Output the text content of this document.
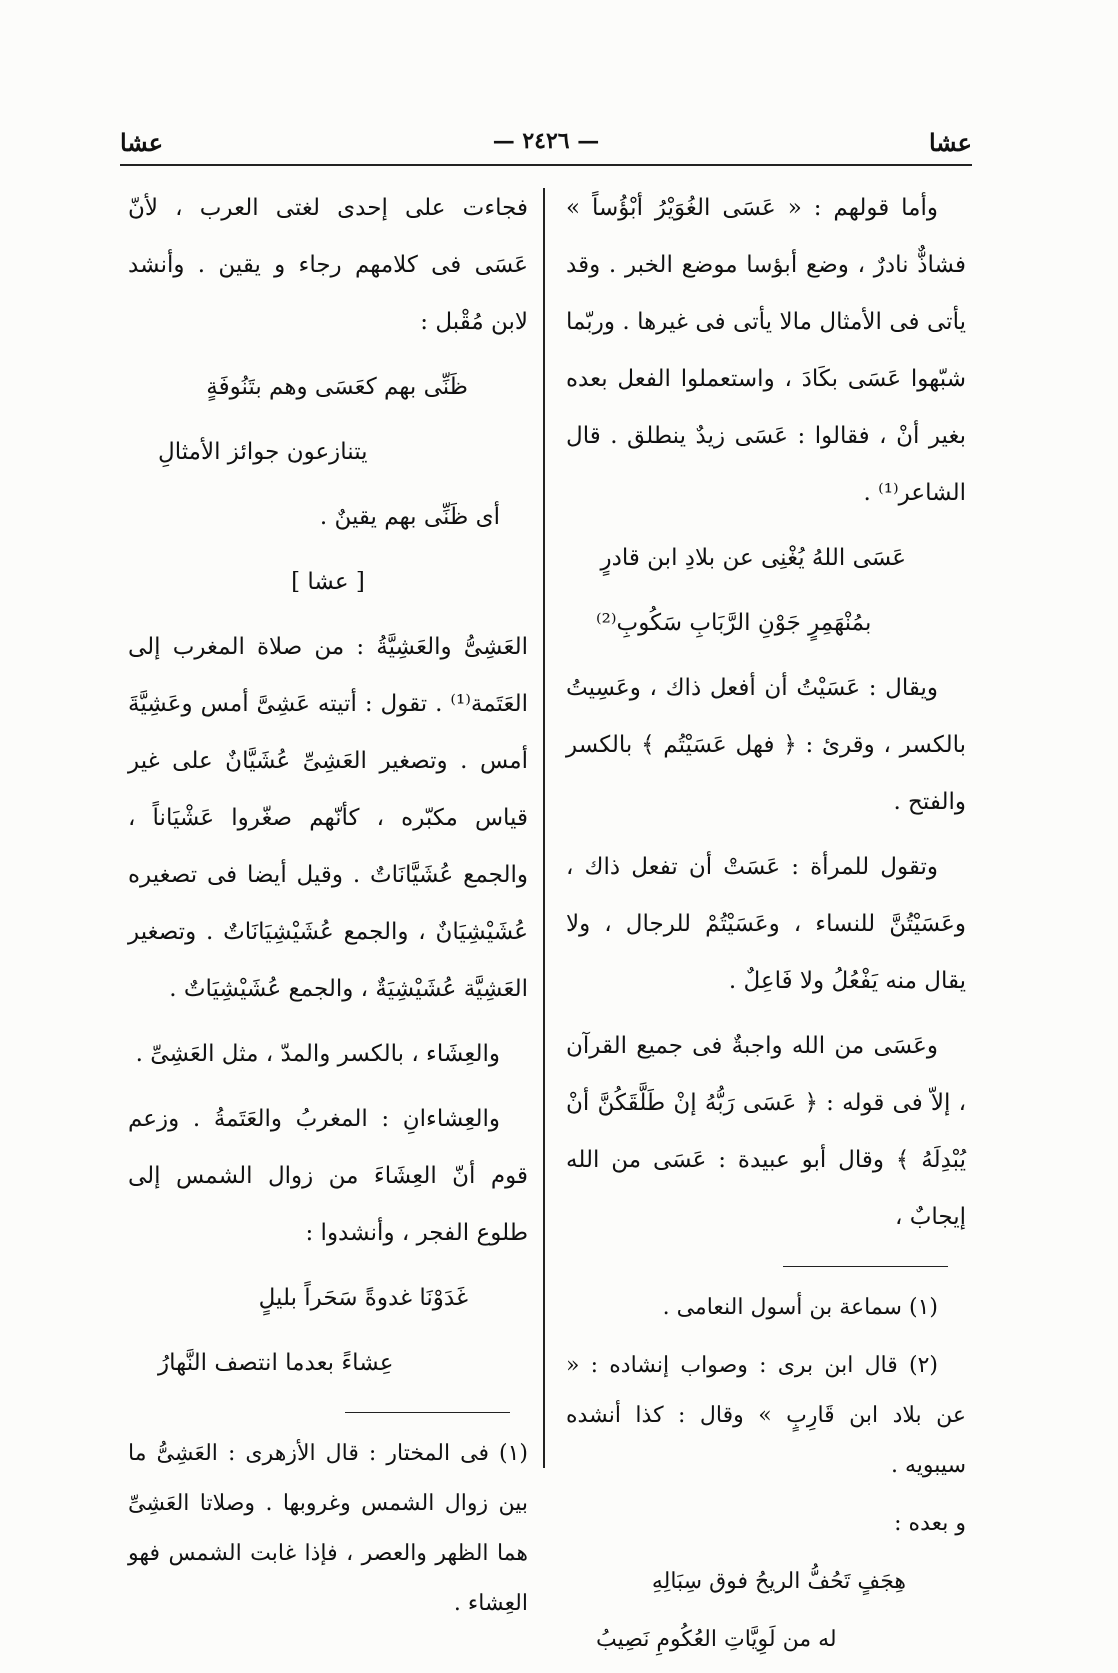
عشا
— ٢٤٢٦ —
عشا

وأما قولهم : « عَسَى الغُوَيْرُ أبْؤُساً » فشاذٌّ نادرٌ ، وضع أبؤسا موضع الخبر . وقد يأتى فى الأمثال مالا يأتى فى غيرها . وربّما شبّهوا عَسَى بكَادَ ، واستعملوا الفعل بعده بغير أنْ ، فقالوا : عَسَى زيدٌ ينطلق . قال الشاعر⁽¹⁾ .

عَسَى اللهُ يُغْنِى عن بلادِ ابن قادرٍ

بمُنْهَمِرٍ جَوْنِ الرَّبَابِ سَكُوبِ⁽²⁾

ويقال : عَسَيْتُ أن أفعل ذاك ، وعَسِيتُ بالكسر ، وقرئ : ﴿ فهل عَسَيْتُم ﴾ بالكسر والفتح .

وتقول للمرأة : عَسَتْ أن تفعل ذاك ، وعَسَيْتُنَّ للنساء ، وعَسَيْتُمْ للرجال ، ولا يقال منه يَفْعُلُ ولا فَاعِلٌ .

وعَسَى من الله واجبةٌ فى جميع القرآن ، إلاّ فى قوله : ﴿ عَسَى رَبُّهُ إنْ طَلَّقَكُنَّ أنْ يُبْدِلَهُ ﴾ وقال أبو عبيدة : عَسَى من الله إيجابٌ ،

(١) سماعة بن أسول النعامى .

(٢) قال ابن برى : وصواب إنشاده : « عن بلاد ابن قَارِبٍ » وقال : كذا أنشده سيبويه .

و بعده :

هِجَفٍ تَحُفُّ الريحُ فوق سِبَالِهِ

له من لَوِيَّاتِ العُكُومِ نَصِيبُ

فجاءت على إحدى لغتى العرب ، لأنّ عَسَى فى كلامهم رجاء و يقين . وأنشد لابن مُقْبل :

ظَنِّى بهم كعَسَى وهم بتَنُوفَةٍ

يتنازعون جوائز الأمثالِ

أى ظَنِّى بهم يقينٌ .

[ عشا ]

العَشِىُّ والعَشِيَّةُ : من صلاة المغرب إلى العَتَمة⁽¹⁾ . تقول : أتيته عَشِىَّ أمس وعَشِيَّةَ أمس . وتصغير العَشِىِّ عُشَيَّانٌ على غير قياس مكبّره ، كأنّهم صغّروا عَشْيَاناً ، والجمع عُشَيَّانَاتٌ . وقيل أيضا فى تصغيره عُشَيْشِيَانٌ ، والجمع عُشَيْشِيَانَاتٌ . وتصغير العَشِيَّة عُشَيْشِيَةٌ ، والجمع عُشَيْشِيَاتٌ .

والعِشَاء ، بالكسر والمدّ ، مثل العَشِىِّ .

والعِشاءانِ : المغربُ والعَتَمةُ . وزعم قوم أنّ العِشَاءَ من زوال الشمس إلى طلوع الفجر ، وأنشدوا :

غَدَوْنَا غدوةً سَحَراً بليلٍ

عِشاءً بعدما انتصف النَّهارُ

(١) فى المختار : قال الأزهرى : العَشِىُّ ما بين زوال الشمس وغروبها . وصلاتا العَشِىِّ هما الظهر والعصر ، فإذا غابت الشمس فهو العِشاء .
